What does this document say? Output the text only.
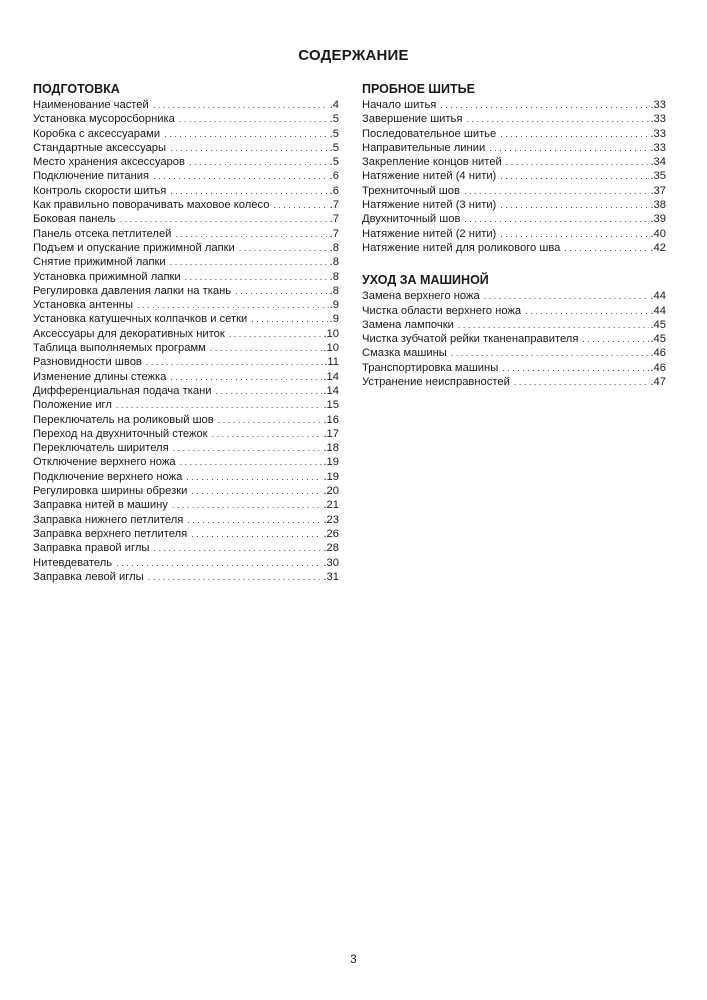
СОДЕРЖАНИЕ
ПОДГОТОВКА
Наименование частей . . .	.4
Установка мусоросборника . . .	.5
Коробка с аксессуарами . . .	.5
Стандартные аксессуары . . .	.5
Место хранения аксессуаров . . .	.5
Подключение питания . . .	.6
Контроль скорости шитья . . .	.6
Как правильно поворачивать маховое колесо . . .	.7
Боковая панель . . .	.7
Панель отсека петлителей . . .	.7
Подъем и опускание прижимной лапки . . .	.8
Снятие прижимной лапки . . .	.8
Установка прижимной лапки . . .	.8
Регулировка давления лапки на ткань . . .	.8
Установка антенны . . .	.9
Установка катушечных колпачков и сетки . . .	.9
Аксессуары для декоративных ниток . . .	.10
Таблица выполняемых программ . . .	.10
Разновидности швов . . .	.11
Изменение длины стежка . . .	.14
Дифференциальная подача ткани . . .	.14
Положение игл . . .	.15
Переключатель на роликовый шов . . .	.16
Переход на двухниточный стежок . . .	.17
Переключатель ширителя . . .	.18
Отключение верхнего ножа . . .	.19
Подключение верхнего ножа . . .	.19
Регулировка ширины обрезки . . .	.20
Заправка нитей в машину . . .	.21
Заправка нижнего петлителя . . .	.23
Заправка верхнего петлителя . . .	.26
Заправка правой иглы . . .	.28
Нитевдеватель . . .	.30
Заправка левой иглы . . .	.31
ПРОБНОЕ ШИТЬЕ
Начало шитья . . .	.33
Завершение шитья . . .	.33
Последовательное шитье . . .	.33
Направительные линии . . .	.33
Закрепление концов нитей . . .	.34
Натяжение нитей (4 нити) . . .	.35
Трехниточный шов . . .	.37
Натяжение нитей (3 нити) . . .	.38
Двухниточный шов . . .	.39
Натяжение нитей (2 нити) . . .	.40
Натяжение нитей для роликового шва . . .	.42
УХОД ЗА МАШИНОЙ
Замена верхнего ножа . . .	.44
Чистка области верхнего ножа . . .	.44
Замена лампочки . . .	.45
Чистка зубчатой рейки тканенаправителя . . .	.45
Смазка машины . . .	.46
Транспортировка машины . . .	.46
Устранение неисправностей . . .	.47
3
